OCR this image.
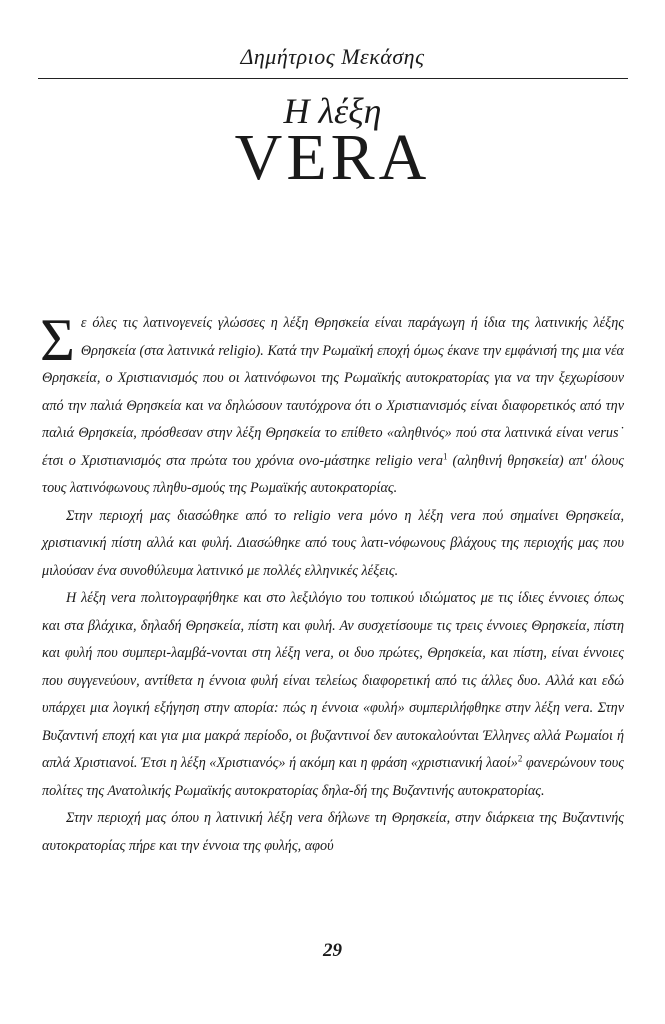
Δημήτριος Μεκάσης
Η λέξη
VERA

Σε όλες τις λατινογενείς γλώσσες η λέξη Θρησκεία είναι παράγωγη ή ίδια της λατινικής λέξης Θρησκεία (στα λατινικά religio). Κατά την Ρωμαϊκή εποχή όμως έκανε την εμφάνισή της μια νέα Θρησκεία, ο Χριστιανισμός που οι λατινόφωνοι της Ρωμαϊκής αυτοκρατορίας για να την ξεχωρίσουν από την παλιά Θρησκεία και να δηλώσουν ταυτόχρονα ότι ο Χριστιανισμός είναι διαφορετικός από την παλιά Θρησκεία, πρόσθεσαν στην λέξη Θρησκεία το επίθετο «αληθινός» πού στα λατινικά είναι verus˙ έτσι ο Χριστιανισμός στα πρώτα του χρόνια ονο-μάστηκε religio vera$^1$ (αληθινή θρησκεία) απ' όλους τους λατινόφωνους πληθυ-σμούς της Ρωμαϊκής αυτοκρατορίας.

Στην περιοχή μας διασώθηκε από το religio vera μόνο η λέξη vera πού σημαίνει Θρησκεία, χριστιανική πίστη αλλά και φυλή. Διασώθηκε από τους λατι-νόφωνους βλάχους της περιοχής μας που μιλούσαν ένα συνοθύλευμα λατινικό με πολλές ελληνικές λέξεις.

Η λέξη vera πολιτογραφήθηκε και στο λεξιλόγιο του τοπικού ιδιώματος με τις ίδιες έννοιες όπως και στα βλάχικα, δηλαδή Θρησκεία, πίστη και φυλή. Αν συσχετίσουμε τις τρεις έννοιες Θρησκεία, πίστη και φυλή που συμπερι-λαμβά-νονται στη λέξη vera, οι δυο πρώτες, Θρησκεία, και πίστη, είναι έννοιες που συγγενεύουν, αντίθετα η έννοια φυλή είναι τελείως διαφορετική από τις άλλες δυο. Αλλά και εδώ υπάρχει μια λογική εξήγηση στην απορία: πώς η έννοια «φυλή» συμπεριλήφθηκε στην λέξη vera. Στην Βυζαντινή εποχή και για μια μακρά περίοδο, οι βυζαντινοί δεν αυτοκαλούνται Έλληνες αλλά Ρωμαίοι ή απλά Χριστιανοί. Έτσι η λέξη «Χριστιανός» ή ακόμη και η φράση «χριστιανική λαοί»$^2$ φανερώνουν τους πολίτες της Ανατολικής Ρωμαϊκής αυτοκρατορίας δηλα-δή της Βυζαντινής αυτοκρατορίας.

Στην περιοχή μας όπου η λατινική λέξη vera δήλωνε τη Θρησκεία, στην διάρκεια της Βυζαντινής αυτοκρατορίας πήρε και την έννοια της φυλής, αφού

29
